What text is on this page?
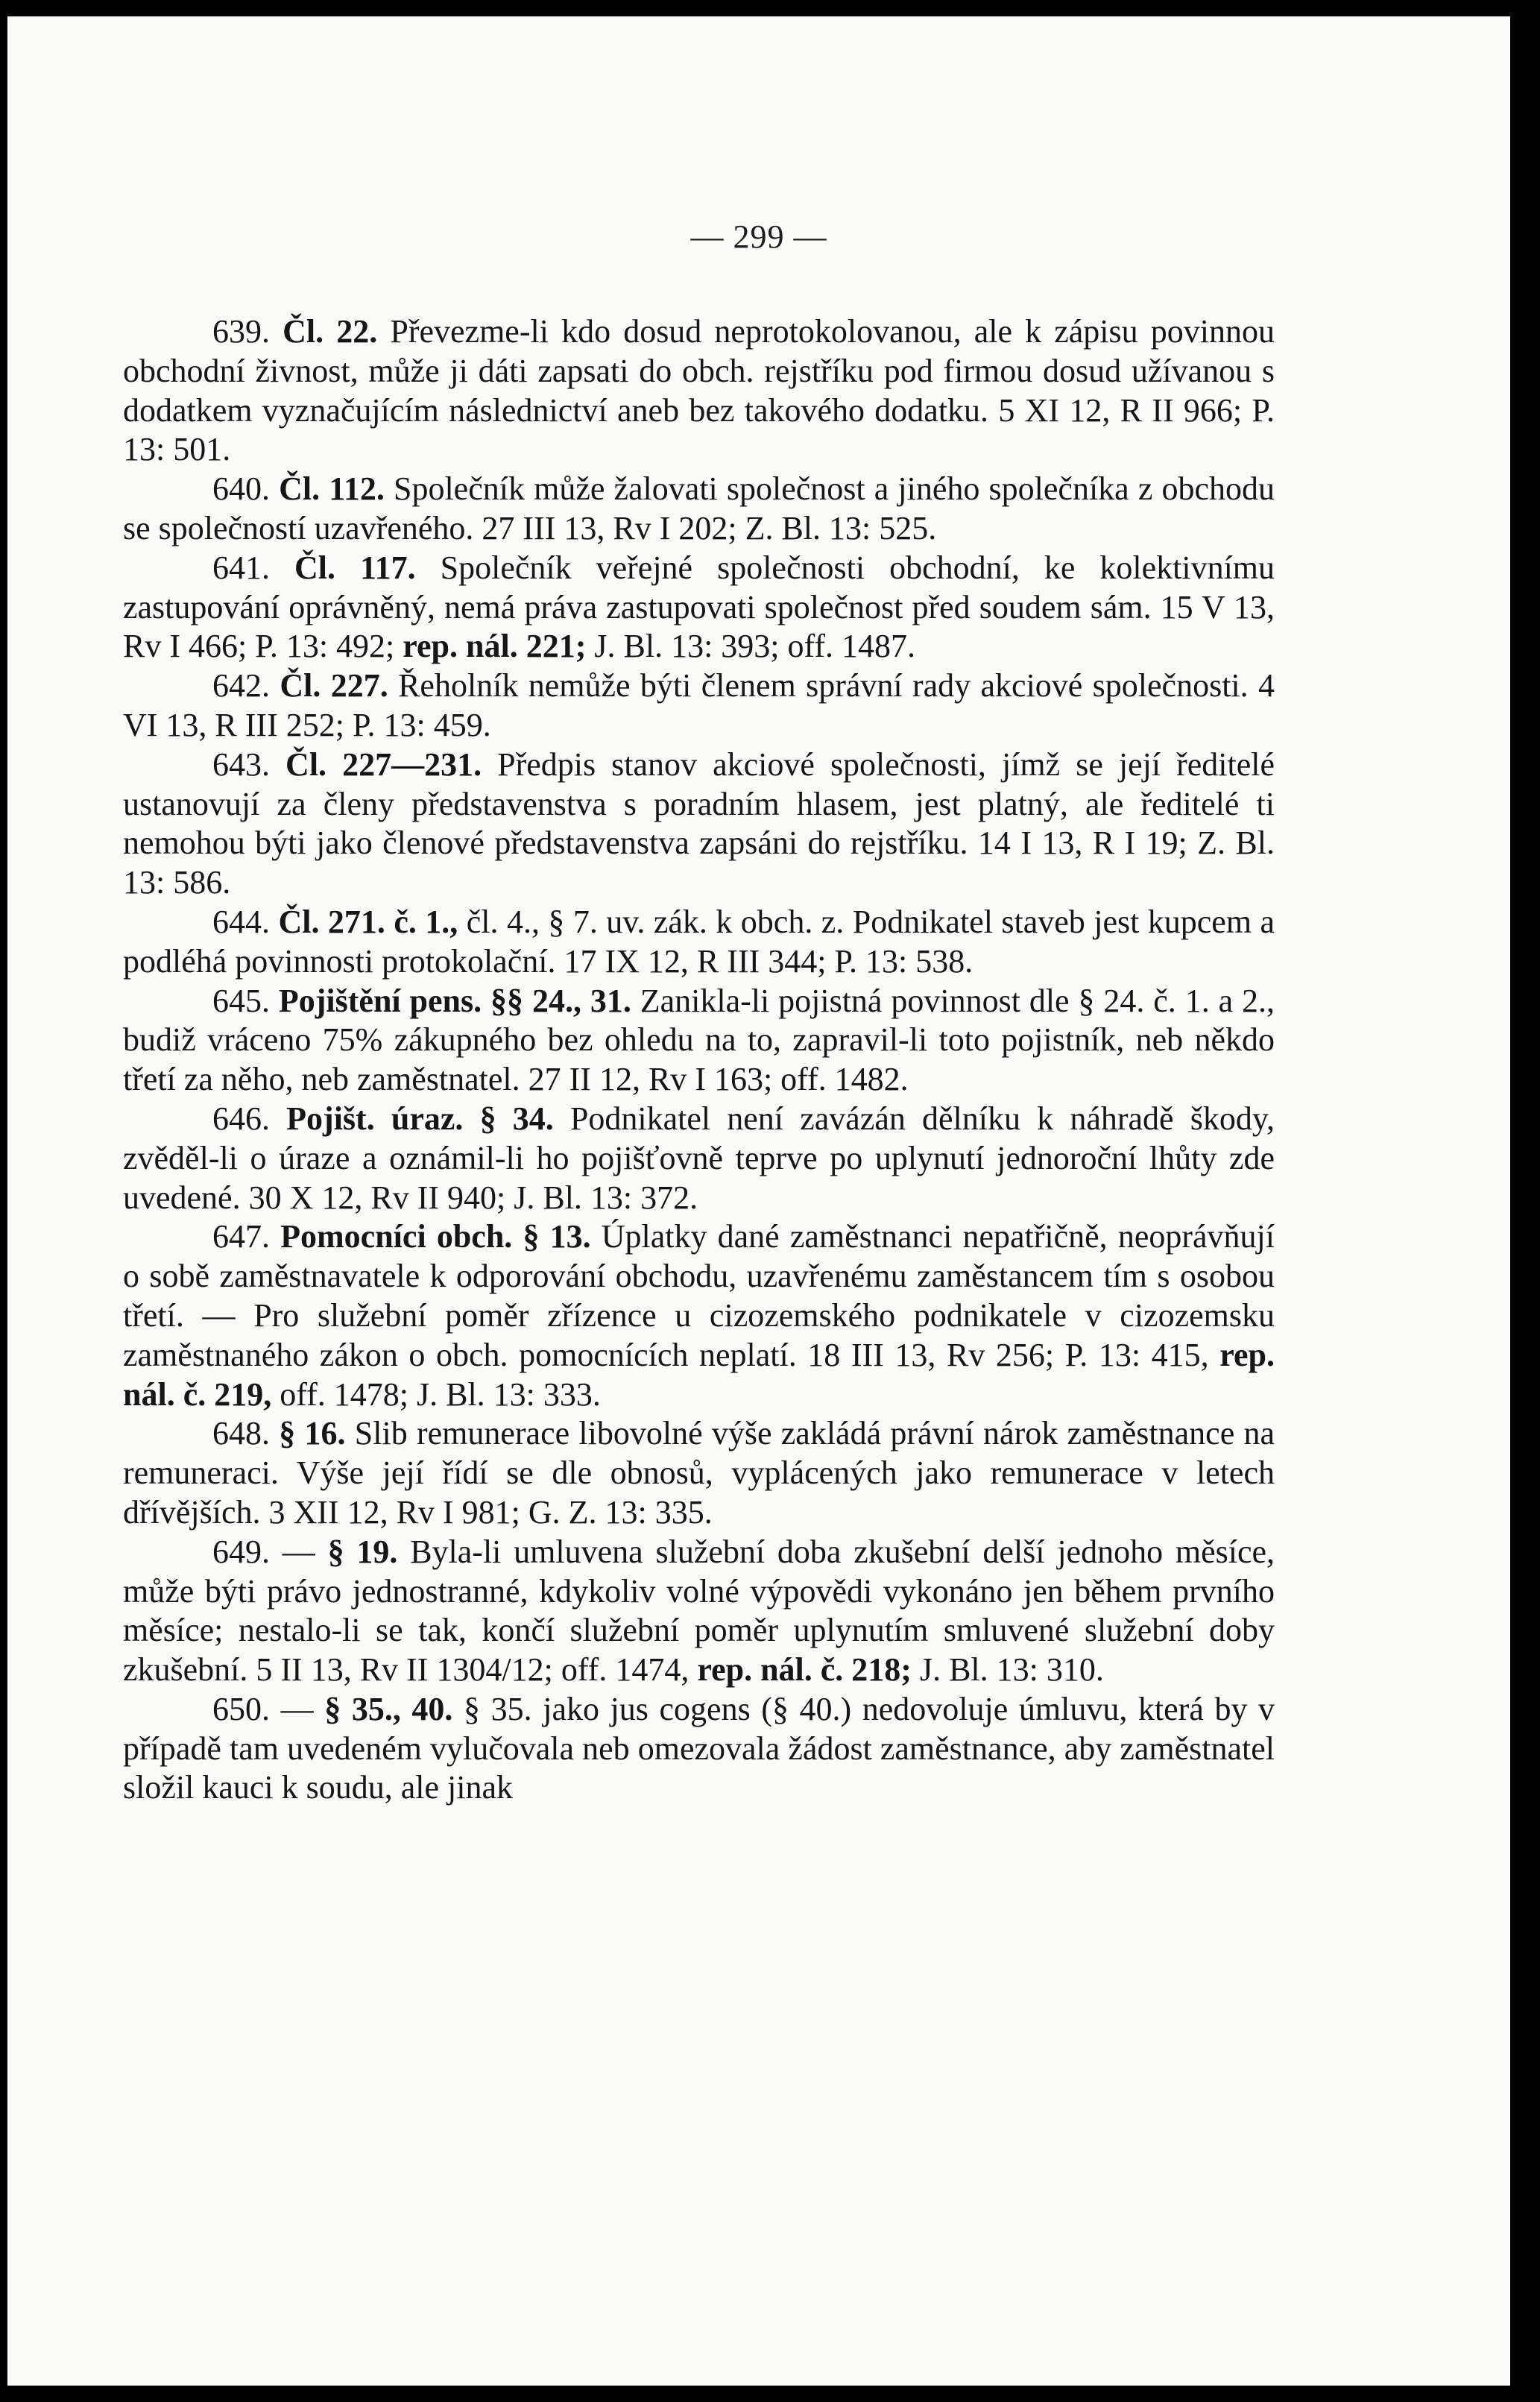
— 299 —

639. Čl. 22. Převezme-li kdo dosud neprotokolovanou, ale k zápisu povinnou obchodní živnost, může ji dáti zapsati do obch. rejstříku pod firmou dosud užívanou s dodatkem vyznačujícím následnictví aneb bez takového dodatku. 5 XI 12, R II 966; P. 13: 501.

640. Čl. 112. Společník může žalovati společnost a jiného společníka z obchodu se společností uzavřeného. 27 III 13, Rv I 202; Z. Bl. 13: 525.

641. Čl. 117. Společník veřejné společnosti obchodní, ke kolektivnímu zastupování oprávněný, nemá práva zastupovati společnost před soudem sám. 15 V 13, Rv I 466; P. 13: 492; rep. nál. 221; J. Bl. 13: 393; off. 1487.

642. Čl. 227. Řeholník nemůže býti členem správní rady akciové společnosti. 4 VI 13, R III 252; P. 13: 459.

643. Čl. 227—231. Předpis stanov akciové společnosti, jímž se její ředitelé ustanovují za členy představenstva s poradním hlasem, jest platný, ale ředitelé ti nemohou býti jako členové představenstva zapsáni do rejstříku. 14 I 13, R I 19; Z. Bl. 13: 586.

644. Čl. 271. č. 1., čl. 4., § 7. uv. zák. k obch. z. Podnikatel staveb jest kupcem a podléhá povinnosti protokolační. 17 IX 12, R III 344; P. 13: 538.

645. Pojištění pens. §§ 24., 31. Zanikla-li pojistná povinnost dle § 24. č. 1. a 2., budiž vráceno 75% zákupného bez ohledu na to, zapravil-li toto pojistník, neb někdo třetí za něho, neb zaměstnatel. 27 II 12, Rv I 163; off. 1482.

646. Pojišt. úraz. § 34. Podnikatel není zavázán dělníku k náhradě škody, zvěděl-li o úraze a oznámil-li ho pojišťovně teprve po uplynutí jednoroční lhůty zde uvedené. 30 X 12, Rv II 940; J. Bl. 13: 372.

647. Pomocníci obch. § 13. Úplatky dané zaměstnanci nepatřičně, neoprávňují o sobě zaměstnavatele k odporování obchodu, uzavřenému zaměstancem tím s osobou třetí. — Pro služební poměr zřízence u cizozemského podnikatele v cizozemsku zaměstnaného zákon o obch. pomocnících neplatí. 18 III 13, Rv 256; P. 13: 415, rep. nál. č. 219, off. 1478; J. Bl. 13: 333.

648. § 16. Slib remunerace libovolné výše zakládá právní nárok zaměstnance na remuneraci. Výše její řídí se dle obnosů, vyplácených jako remunerace v letech dřívějších. 3 XII 12, Rv I 981; G. Z. 13: 335.

649. — § 19. Byla-li umluvena služební doba zkušební delší jednoho měsíce, může býti právo jednostranné, kdykoliv volné výpovědi vykonáno jen během prvního měsíce; nestalo-li se tak, končí služební poměr uplynutím smluvené služební doby zkušební. 5 II 13, Rv II 1304/12; off. 1474, rep. nál. č. 218; J. Bl. 13: 310.

650. — § 35., 40. § 35. jako jus cogens (§ 40.) nedovoluje úmluvu, která by v případě tam uvedeném vylučovala neb omezovala žádost zaměstnance, aby zaměstnatel složil kauci k soudu, ale jinak
